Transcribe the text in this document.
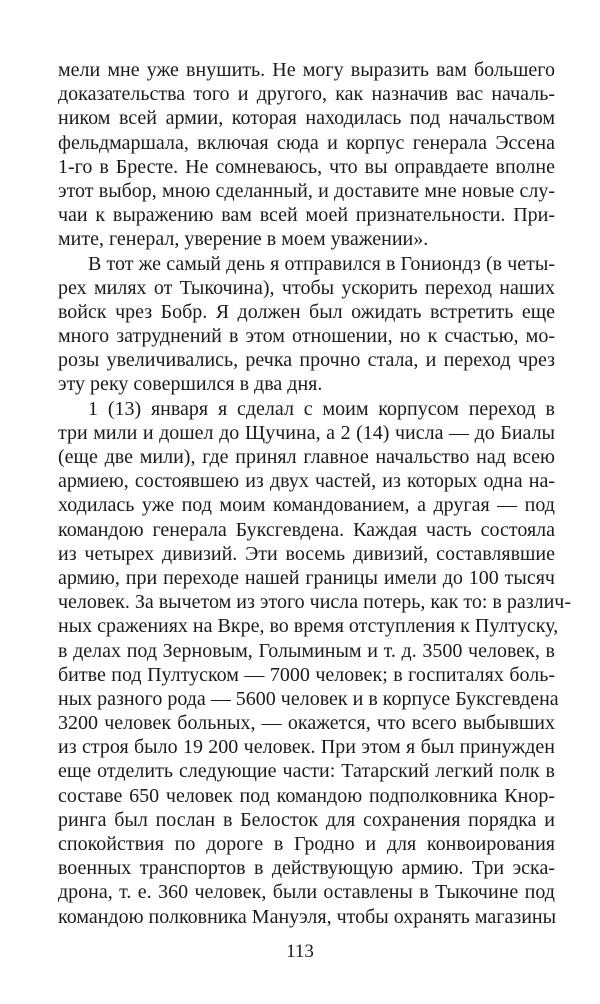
мели мне уже внушить. Не могу выразить вам большего
доказательства того и другого, как назначив вас началь-
ником всей армии, которая находилась под начальством
фельдмаршала, включая сюда и корпус генерала Эссена
1-го в Бресте. Не сомневаюсь, что вы оправдаете вполне
этот выбор, мною сделанный, и доставите мне новые слу-
чаи к выражению вам всей моей признательности. При-
мите, генерал, уверение в моем уважении».
В тот же самый день я отправился в Гониондз (в четы-
рех милях от Тыкочина), чтобы ускорить переход наших
войск чрез Бобр. Я должен был ожидать встретить еще
много затруднений в этом отношении, но к счастью, мо-
розы увеличивались, речка прочно стала, и переход чрез
эту реку совершился в два дня.
1 (13) января я сделал с моим корпусом переход в
три мили и дошел до Щучина, а 2 (14) числа — до Биалы
(еще две мили), где принял главное начальство над всею
армиею, состоявшею из двух частей, из которых одна на-
ходилась уже под моим командованием, а другая — под
командою генерала Буксгевдена. Каждая часть состояла
из четырех дивизий. Эти восемь дивизий, составлявшие
армию, при переходе нашей границы имели до 100 тысяч
человек. За вычетом из этого числа потерь, как то: в различ-
ных сражениях на Вкре, во время отступления к Пултуску,
в делах под Зерновым, Голыминым и т. д. 3500 человек, в
битве под Пултуском — 7000 человек; в госпиталях боль-
ных разного рода — 5600 человек и в корпусе Буксгевдена
3200 человек больных, — окажется, что всего выбывших
из строя было 19 200 человек. При этом я был принужден
еще отделить следующие части: Татарский легкий полк в
составе 650 человек под командою подполковника Кнор-
ринга был послан в Белосток для сохранения порядка и
спокойствия по дороге в Гродно и для конвоирования
военных транспортов в действующую армию. Три эска-
дрона, т. е. 360 человек, были оставлены в Тыкочине под
командою полковника Мануэля, чтобы охранять магазины
113
